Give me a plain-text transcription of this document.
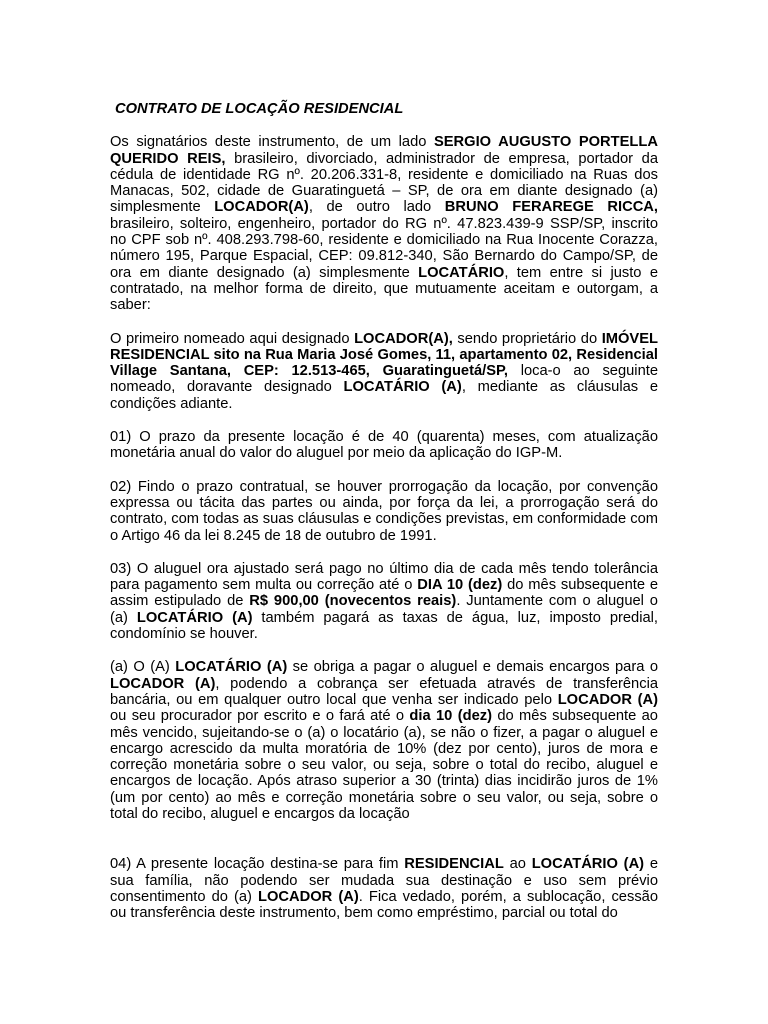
CONTRATO DE LOCAÇÃO RESIDENCIAL
Os signatários deste instrumento, de um lado SERGIO AUGUSTO PORTELLA QUERIDO REIS, brasileiro, divorciado, administrador de empresa, portador da cédula de identidade RG nº. 20.206.331-8, residente e domiciliado na Ruas dos Manacas, 502, cidade de Guaratinguetá – SP, de ora em diante designado (a) simplesmente LOCADOR(A), de outro lado BRUNO FERAREGE RICCA, brasileiro, solteiro, engenheiro, portador do RG nº. 47.823.439-9 SSP/SP, inscrito no CPF sob nº. 408.293.798-60, residente e domiciliado na Rua Inocente Corazza, número 195, Parque Espacial, CEP: 09.812-340, São Bernardo do Campo/SP, de ora em diante designado (a) simplesmente LOCATÁRIO, tem entre si justo e contratado, na melhor forma de direito, que mutuamente aceitam e outorgam, a saber:
O primeiro nomeado aqui designado LOCADOR(A), sendo proprietário do IMÓVEL RESIDENCIAL sito na Rua Maria José Gomes, 11, apartamento 02, Residencial Village Santana, CEP: 12.513-465, Guaratinguetá/SP, loca-o ao seguinte nomeado, doravante designado LOCATÁRIO (A), mediante as cláusulas e condições adiante.
01) O prazo da presente locação é de 40 (quarenta) meses, com atualização monetária anual do valor do aluguel por meio da aplicação do IGP-M.
02) Findo o prazo contratual, se houver prorrogação da locação, por convenção expressa ou tácita das partes ou ainda, por força da lei, a prorrogação será do contrato, com todas as suas cláusulas e condições previstas, em conformidade com o Artigo 46 da lei 8.245 de 18 de outubro de 1991.
03) O aluguel ora ajustado será pago no último dia de cada mês tendo tolerância para pagamento sem multa ou correção até o DIA 10 (dez) do mês subsequente e assim estipulado de R$ 900,00 (novecentos reais). Juntamente com o aluguel o (a) LOCATÁRIO (A) também pagará as taxas de água, luz, imposto predial, condomínio se houver.
(a) O (A) LOCATÁRIO (A) se obriga a pagar o aluguel e demais encargos para o LOCADOR (A), podendo a cobrança ser efetuada através de transferência bancária, ou em qualquer outro local que venha ser indicado pelo LOCADOR (A) ou seu procurador por escrito e o fará até o dia 10 (dez) do mês subsequente ao mês vencido, sujeitando-se o (a) o locatário (a), se não o fizer, a pagar o aluguel e encargo acrescido da multa moratória de 10% (dez por cento), juros de mora e correção monetária sobre o seu valor, ou seja, sobre o total do recibo, aluguel e encargos de locação. Após atraso superior a 30 (trinta) dias incidirão juros de 1% (um por cento) ao mês e correção monetária sobre o seu valor, ou seja, sobre o total do recibo, aluguel e encargos da locação
04) A presente locação destina-se para fim RESIDENCIAL ao LOCATÁRIO (A) e sua família, não podendo ser mudada sua destinação e uso sem prévio consentimento do (a) LOCADOR (A). Fica vedado, porém, a sublocação, cessão ou transferência deste instrumento, bem como empréstimo, parcial ou total do
